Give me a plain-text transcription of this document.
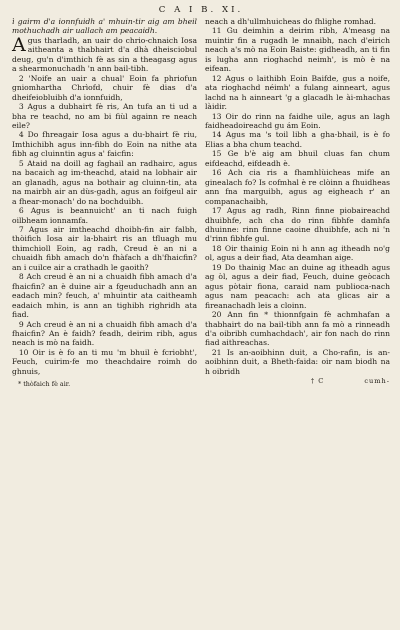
C A I B. XI.

ì gairm d'a ionnfuidh a' mhuin-tir aig am bheil mothuchadh air uallach am peacaidh.

Agus tharladh, an uair do chrio-chnaich Iosa aitheanta a thabhairt d'a dhà dheisciobul deug, gu'n d'imthich fè as sin a theagasg agus a shearmonuchadh 'n ann bail-tibh.

2 'Noife an uair a chual' Eoin fa phriofun gniomhartha Chrìofd, chuir fè dias d'a dheifeiobluibh d'a ionnfuidh,

3 Agus a dubhairt fè ris, An tufa an ti ud a bha re teachd, no am bi fiùl againn re neach eile?

4 Do fhreagair Iosa agus a du-bhairt fè riu, Imthichibh agus inn-fibh do Eoin na nithe ata fibh ag cluinntin agus a' faicfin:

5 Ataid na doill ag faghail an radhairc, agus na bacaich ag im-theachd, ataid na lobhair air an glanadh, agus na bothair ag cluinn-tin, ata na mairbh air an dùs-gadh, agus an foifgeul air a fhear-monach' do na bochduibh.

6 Agus is beannuicht' an ti nach fuigh oilbheam ionnamfa.

7 Agus air imtheachd dhoibh-fin air falbh, thòifich Iosa air la-bhairt ris an tfluagh mu thimchioll Eoin, ag radh, Creud è an ni a chuaidh fibh amach do'n fhàfach a dh'fhaicfin? an i cuilce air a crathadh le gaoith?

8 Ach creud è an ni a chuaidh fibh amach d'a fhaicfin? an è duine air a fgeuduchadh ann an eadach min? feuch, a' mhuintir ata caitheamh eadaich mhin, is ann an tighibh righridh ata fiad.

9 Ach creud è an ni a chuaidh fibh amach d'a fhaicfin? An è faidh? feadh, deirim ribh, agus neach is mò na faidh.

10 Oir is è fo an ti mu 'm bhuil è fcriobht', Feuch, cuirim-fe mo theachdaire roimh do ghnuis,

* thòfaich fè air.

neach a dh'ullmhuicheas do fhlighe romhad.

11 Gu deimhin a deirim ribh, A'measg na muintir fin a rugadh le mnaibh, nach d'eirich neach a's mò na Eoin Baiste: gidheadh, an ti fin is lugha ann rioghachd neimh', is mò è na eifean.

12 Agus o laithibh Eoin Baifde, gus a noife, ata rioghachd néimh' a fulang ainneart, agus lachd na h ainneart 'g a glacadh le ài-mhachas làidir.

13 Oir do rinn na faidhe uile, agus an lagh faidheadoireachd gu ám Eoin.

14 Agus ma 's toil libh a gha-bhail, is è fo Elias a bha chum teachd.

15 Ge b'è aig am bhuil cluas fan chum eifdeachd, eifdeadh è.

16 Ach cia ris a fhamhlùicheas mife an ginealach fo? Is cofmhal è re clòinn a fhuidheas ann fna marguibh, agus ag eigheach r' an companachaibh,

17 Agus ag radh, Rinn finne piobaireachd dhuibhfe, ach cha do rinn fibhfe damhfa dhuinne: rinn finne caoine dhuibhfe, ach ni 'n d'rinn fibhfe gul.

18 Oir thainig Eoin ni h ann ag itheadh no'g ol, agus a deir fiad, Ata deamhan aige.

19 Do thainig Mac an duine ag itheadh agus ag òl, agus a deir fiad, Feuch, duine geòcach agus pòtair fiona, caraid nam publioca-nach agus nam peacach: ach ata glicas air a fireanachadh leis a cloinn.

20 Ann fin * thionnfgain fè achmhafan a thabhairt do na bail-tibh ann fa mò a rinneadh d'a oibribh cumhachdach', air fon nach do rinn fiad aithreachas.

21 Is an-aoibhinn duit, a Cho-rafin, is an-aoibhinn duit, a Bheth-faida: oir nam biodh na h oibridh

† C	cumh-
